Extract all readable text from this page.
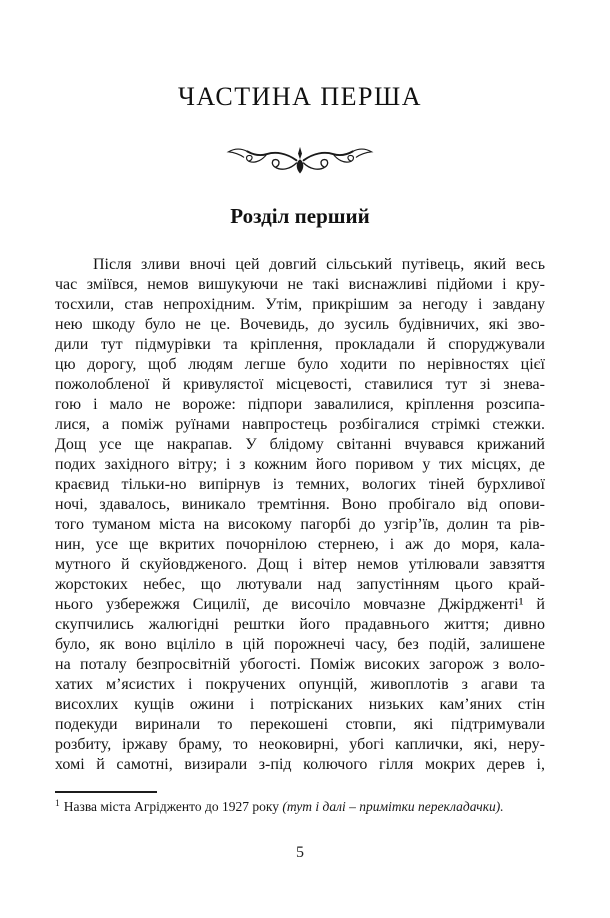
ЧАСТИНА ПЕРША
Розділ перший
Після зливи вночі цей довгий сільський путівець, який весь
час зміївся, немов вишукуючи не такі виснажливі підйоми і кру-
тосхили, став непрохідним. Утім, прикрішим за негоду і завдану
нею шкоду було не це. Вочевидь, до зусиль будівничих, які зво-
дили тут підмурівки та кріплення, прокладали й споруджували
цю дорогу, щоб людям легше було ходити по нерівностях цієї
пожолобленої й кривулястої місцевості, ставилися тут зі знева-
гою і мало не вороже: підпори завалилися, кріплення розсипа-
лися, а поміж руїнами навпростець розбігалися стрімкі стежки.
Дощ усе ще накрапав. У блідому світанні вчувався крижаний
подих західного вітру; і з кожним його поривом у тих місцях, де
краєвид тільки-но випірнув із темних, вологих тіней бурхливої
ночі, здавалось, виникало тремтіння. Воно пробігало від опови-
того туманом міста на високому пагорбі до узгір’їв, долин та рів-
нин, усе ще вкритих почорнілою стернею, і аж до моря, кала-
мутного й скуйовдженого. Дощ і вітер немов утілювали завзяття
жорстоких небес, що лютували над запустінням цього край-
нього узбережжя Сицилії, де височіло мовчазне Джірдженті¹ й
скупчились жалюгідні рештки його прадавнього життя; дивно
було, як воно вціліло в цій порожнечі часу, без подій, залишене
на поталу безпросвітній убогості. Поміж високих загорож з воло-
хатих м’ясистих і покручених опунцій, живоплотів з агави та
висохлих кущів ожини і потрісканих низьких кам’яних стін
подекуди виринали то перекошені стовпи, які підтримували
розбиту, іржаву браму, то неоковирні, убогі каплички, які, неру-
хомі й самотні, визирали з-під колючого гілля мокрих дерев і,
$^1$ Назва міста Агрідженто до 1927 року (тут і далі – примітки перекладачки).
5
